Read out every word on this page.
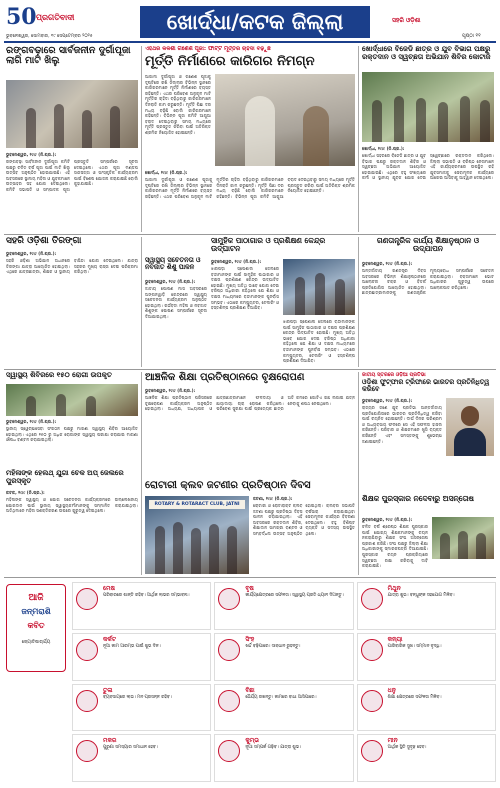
50 ପ୍ରଗତିବାଦୀ
ଭୁବନେଶ୍ୱର, ସୋମବାର, ୧୯ ସେପ୍ଟେମ୍ବର ୨୦୨୫
ଖୋର୍ଦ୍ଧା/କଟକ ଜିଲ୍ଲା	ସହରି ଓଡ଼ିଶା
ପୃଷ୍ଠା ୧୧
ରଙ୍ଗବଢ଼ାରେ ସାର୍ବଜନୀନ ଦୁର୍ଗାପୂଜା ଲାଗି ମାଟି ଖିଲୁ
ଭୁବନେଶ୍ୱର, ୨୯ା୯ (ନି.ପ୍ର.):
ରଙ୍ଗବଢ଼ା ସାର୍ବଜନୀନ ଦୁର୍ଗାପୂଜା କମିଟି ପକ୍ଷରୁ ଚଳିତ ବର୍ଷ ପୂଜା ପାଇଁ ମାଟି ଖିଲୁ ଉତ୍ସବ ଅନୁଷ୍ଠିତ ହୋଇଯାଇଛି। ଏହି ଅବସରରେ ସ୍ଥାନୀୟ ମହିଳା ଓ ଯୁବକମାନେ ଉତ୍ସାହର ସହ ଯୋଗ ଦେଇଥିଲେ। କମିଟି ସଭାପତି ଓ ସମ୍ପାଦକ ପୂଜା ପ୍ରସ୍ତୁତି ସମ୍ପର୍କରେ ସୂଚନା ଦେଇଥିଲେ। ଏଥର ପୂଜା ମଣ୍ଡପ ସାଜସଜ୍ଜା ଓ ସାଂସ୍କୃତିକ କାର୍ଯ୍ୟକ୍ରମ ପାଇଁ ବିଶେଷ ଯୋଜନା କରାଯାଇଛି ବୋଲି କୁହାଯାଇଛି।
ଏହିଥର କଳଶୀ ଗଣେଶ ପୂଜା: ଫାଟ୍ଟି ମୂର୍ତ୍ତିର ଚାହିଦା ବଢ଼ୁଛି
ମୂର୍ତ୍ତି ନିର୍ମାଣରେ କାରିଗର ନିମଗ୍ନ
ଆଗାମୀ ଦୁର୍ଗାପୂଜା ଓ ଗଣେଶ ପୂଜାକୁ ଦୃଷ୍ଟିରେ ରଖି ଜିଲ୍ଲାର ବିଭିନ୍ନ ସ୍ଥାନରେ କାରିଗରମାନେ ମୂର୍ତ୍ତି ନିର୍ମାଣରେ ବ୍ୟସ୍ତ ରହିଛନ୍ତି। ଏଥର ପରିବେଶ ଅନୁକୂଳ ମାଟି ମୂର୍ତ୍ତିର ଚାହିଦା ବଢ଼ିଥିବାରୁ କାରିଗରମାନେ ଦିନରାତି କାମ କରୁଛନ୍ତି। ମୂର୍ତ୍ତି ପିଛା ଦର ମଧ୍ୟ ବଢ଼ିଛି ବୋଲି କାରିଗରମାନେ କହିଛନ୍ତି। ବିଭିନ୍ନ ପୂଜା କମିଟି ଆଗୁଆ ବରାଦ ଦେଇଥିବାରୁ ସମୟ ମଧ୍ୟରେ ମୂର୍ତ୍ତି ପ୍ରସ୍ତୁତ କରିବା ପାଇଁ ଅତିରିକ୍ତ ଶ୍ରମିକ ନିୟୋଜିତ ହୋଇଛନ୍ତି।
ଖୋର୍ଦ୍ଧା, ୨୯ା୯ (ନି.ପ୍ର.):
ଆଗାମୀ ଦୁର୍ଗାପୂଜା ଓ ଗଣେଶ ପୂଜାକୁ ଦୃଷ୍ଟିରେ ରଖି ଜିଲ୍ଲାର ବିଭିନ୍ନ ସ୍ଥାନରେ କାରିଗରମାନେ ମୂର୍ତ୍ତି ନିର୍ମାଣରେ ବ୍ୟସ୍ତ ରହିଛନ୍ତି। ଏଥର ପରିବେଶ ଅନୁକୂଳ ମାଟି ମୂର୍ତ୍ତିର ଚାହିଦା ବଢ଼ିଥିବାରୁ କାରିଗରମାନେ ଦିନରାତି କାମ କରୁଛନ୍ତି। ମୂର୍ତ୍ତି ପିଛା ଦର ମଧ୍ୟ ବଢ଼ିଛି ବୋଲି କାରିଗରମାନେ କହିଛନ୍ତି। ବିଭିନ୍ନ ପୂଜା କମିଟି ଆଗୁଆ ବରାଦ ଦେଇଥିବାରୁ ସମୟ ମଧ୍ୟରେ ମୂର୍ତ୍ତି ପ୍ରସ୍ତୁତ କରିବା ପାଇଁ ଅତିରିକ୍ତ ଶ୍ରମିକ ନିୟୋଜିତ ହୋଇଛନ୍ତି।
ଖୋର୍ଦ୍ଧାରେ ବିଜେଡି ଛାତ୍ର ଓ ଯୁବ ବିଭାଗ ପକ୍ଷରୁ ରକ୍ତଦାନ ଓ ସ୍ୱଚ୍ଛତା ଅଭିଯାନ ଶିବିର କୋଟାଜି
ଖୋର୍ଦ୍ଧା, ୨୯ା୯ (ନି.ପ୍ର.):
ଖୋର୍ଦ୍ଧା ସହରରେ ବିଜେଡି ଛାତ୍ର ଓ ଯୁବ ବିଭାଗ ପକ୍ଷରୁ ରକ୍ତଦାନ ଶିବିର ଓ ସ୍ୱଚ୍ଛତା ଅଭିଯାନ ଆୟୋଜିତ ହୋଇଯାଇଛି। ଏଥିରେ ବହୁ ସଂଖ୍ୟାରେ କର୍ମୀ ଓ ସ୍ଥାନୀୟ ଯୁବକ ଯୋଗ ଦେଇ ସ୍ୱେଚ୍ଛାରେ ରକ୍ତଦାନ କରିଥିଲେ। ଜିଲ୍ଲା ସଭାପତି ଓ ବରିଷ୍ଠ ନେତାମାନେ ଏହି କାର୍ଯ୍ୟକ୍ରମରେ ଉପସ୍ଥିତ ରହି ଯୁବସମାଜକୁ ସେବାମୂଳକ କାର୍ଯ୍ୟରେ ଆଗେଇ ଆସିବାକୁ ଆହ୍ୱାନ ଦେଇଥିଲେ।
ସହରି ଓଡ଼ିଶା ତିରଙ୍ଗା
ଭୁବନେଶ୍ୱର, ୨୯ା୯ (ନି.ପ୍ର.):
ସହରି ଓଡ଼ିଶା ଅଭିଯାନ ଅଧୀନରେ ତିରଙ୍ଗା ଯାତ୍ରା ଆୟୋଜିତ ହୋଇଥିଲା। ଏଥିରେ ଛାତ୍ରଛାତ୍ରୀ, ଶିକ୍ଷକ ଓ ସ୍ଥାନୀୟ ବାସିନ୍ଦା ଯୋଗ ଦେଇଥିଲେ। ଯାତ୍ରା ସହରର ମୁଖ୍ୟ ରାସ୍ତା ଦେଇ ପରିକ୍ରମା କରିଥିଲା।
ସ୍ୱାସ୍ଥ୍ୟ ସଚେତନତା ଓ ନବଜାତ ଶିଶୁ ପାଳନ
ଭୁବନେଶ୍ୱର, ୨୯ା୯ (ନି.ପ୍ର.):
ଜାତୀୟ ପୋଷଣ ମାସ ଅବସରରେ ଅଙ୍ଗନୱାଡ଼ି କେନ୍ଦ୍ରରେ ସ୍ୱାସ୍ଥ୍ୟ ସଚେତନତା କାର୍ଯ୍ୟକ୍ରମ ଅନୁଷ୍ଠିତ ହୋଇଥିଲା। ଗର୍ଭବତୀ ମହିଳା ଓ ନବଜାତ ଶିଶୁଙ୍କ ପୋଷଣ ସମ୍ପର୍କରେ ସୂଚନା ଦିଆଯାଇଥିଲା।
ସାମୁହିକ ପାଠାଗାର ଓ ପ୍ରଶିକ୍ଷଣ କେନ୍ଦ୍ର ଉଦ୍‌ଘାଟନ
ଭୁବନେଶ୍ୱର, ୨୯ା୯ (ନି.ପ୍ର.):
ଝାରପଡ଼ା ସ୍ପେଶାଲ ଜେଲରେ ବନ୍ଦୀମାନଙ୍କ ପାଇଁ ସାମୁହିକ ପାଠାଗାର ଓ ଦକ୍ଷତା ପ୍ରଶିକ୍ଷଣ କେନ୍ଦ୍ର ଉଦ୍‌ଘାଟିତ ହୋଇଛି। ମୁଖ୍ୟ ଅତିଥି ଭାବେ ଯୋଗ ଦେଇ ବରିଷ୍ଠ ଅଧିକାରୀ କହିଥିଲେ ଯେ ଶିକ୍ଷା ଓ ଦକ୍ଷତା ମାଧ୍ୟମରେ ବନ୍ଦୀମାନଙ୍କ ପୁନର୍ବାସ ସମ୍ଭବ। ଏଠାରେ କମ୍ପ୍ୟୁଟର, ଟେଲରିଂ ଓ ହସ୍ତଶିଳ୍ପ ପ୍ରଶିକ୍ଷଣ ଦିଆଯିବ।
ଝାରପଡ଼ା ସ୍ପେଶାଲ ଜେଲରେ ବନ୍ଦୀମାନଙ୍କ ପାଇଁ ସାମୁହିକ ପାଠାଗାର ଓ ଦକ୍ଷତା ପ୍ରଶିକ୍ଷଣ କେନ୍ଦ୍ର ଉଦ୍‌ଘାଟିତ ହୋଇଛି। ମୁଖ୍ୟ ଅତିଥି ଭାବେ ଯୋଗ ଦେଇ ବରିଷ୍ଠ ଅଧିକାରୀ କହିଥିଲେ ଯେ ଶିକ୍ଷା ଓ ଦକ୍ଷତା ମାଧ୍ୟମରେ ବନ୍ଦୀମାନଙ୍କ ପୁନର୍ବାସ ସମ୍ଭବ। ଏଠାରେ କମ୍ପ୍ୟୁଟର, ଟେଲରିଂ ଓ ହସ୍ତଶିଳ୍ପ ପ୍ରଶିକ୍ଷଣ ଦିଆଯିବ।
ଗଣତାନ୍ତ୍ରିକ କାର୍ଯ୍ୟ ଶିକ୍ଷାନୁଷ୍ଠାନ ଓ ଉଦ୍‌ଯାପନ
ଭୁବନେଶ୍ୱର, ୨୯ା୯ (ନି.ପ୍ର.):
ଅନ୍ତର୍ଜାତୀୟ ଗଣତନ୍ତ୍ର ଦିବସ ଅବସରରେ ବିଭିନ୍ନ ଶିକ୍ଷାନୁଷ୍ଠାନରେ ଆଲୋଚନା ଚକ୍ର ଓ ବିତର୍କ ପ୍ରତିଯୋଗିତା ଆୟୋଜିତ ହୋଇଥିଲା। ଛାତ୍ରଛାତ୍ରୀମାନଙ୍କୁ ଗଣତାନ୍ତ୍ରିକ ମୂଲ୍ୟବୋଧ ସମ୍ପର୍କରେ ସଚେତନ କରାଯାଇଥିଲା। ବକ୍ତାମାନେ ଭୋଟ ଅଧିକାରର ଗୁରୁତ୍ୱ ଉପରେ ଆଲୋକପାତ କରିଥିଲେ।
ସ୍ୱାସ୍ଥ୍ୟ ଶିବିରରେ ୧୫୦ ରୋଗୀ ଉପକୃତ
ଭୁବନେଶ୍ୱର, ୨୯ା୯ (ନି.ପ୍ର.):
ସ୍ଥାନୀୟ ସ୍ୱେଚ୍ଛାସେବୀ ସଂଗଠନ ପକ୍ଷରୁ ମାଗଣା ସ୍ୱାସ୍ଥ୍ୟ ଶିବିର ଆୟୋଜିତ ହୋଇଥିଲା। ଏଥିରେ ୧୫୦ ରୁ ଅଧିକ ରୋଗୀଙ୍କ ସ୍ୱାସ୍ଥ୍ୟ ପରୀକ୍ଷା କରାଯାଇ ମାଗଣା ଔଷଧ ବଣ୍ଟନ କରାଯାଇଥିଲା।
ମହିଳାଙ୍କ ହେଲଥ୍ ଯୁଗା ଚେକ ଅପ୍ ଜେଲରେ ପୁରସ୍କୃତ
କଟକ, ୨୯ା୯ (ନି.ପ୍ର.):
ମହିଳାଙ୍କ ସ୍ୱାସ୍ଥ୍ୟ ଓ ଯୋଗ ସଚେତନତା କାର୍ଯ୍ୟକ୍ରମରେ ଉଲ୍ଲେଖନୀୟ ଯୋଗଦାନ ପାଇଁ ସ୍ଥାନୀୟ ସ୍ୱାସ୍ଥ୍ୟକର୍ମୀମାନଙ୍କୁ ସମ୍ମାନିତ କରାଯାଇଥିଲା। ଅତିଥିମାନେ ମହିଳା ସଶକ୍ତିକରଣ ଉପରେ ଗୁରୁତ୍ୱ ଦେଇଥିଲେ।
ଆଞ୍ଚଳିକ ଶିକ୍ଷା ପ୍ରତିଷ୍ଠାନରେ ବୃକ୍ଷରୋପଣ
ଭୁବନେଶ୍ୱର, ୨୯ା୯ (ନି.ପ୍ର.):
ଆଞ୍ଚଳିକ ଶିକ୍ଷା ପ୍ରତିଷ୍ଠାନ ପରିସରରେ ବୃକ୍ଷରୋପଣ କାର୍ଯ୍ୟକ୍ରମ ଅନୁଷ୍ଠିତ ହୋଇଥିଲା। ଅଧ୍ୟକ୍ଷ, ଅଧ୍ୟାପକ ଓ ଛାତ୍ରଛାତ୍ରୀମାନେ ଫଳଦାୟୀ ଓ ଛାୟାଦାୟୀ ଚାରା ରୋପଣ କରିଥିଲେ। ପରିବେଶ ସୁରକ୍ଷା ପାଇଁ ପ୍ରତ୍ୟେକ ଛାତ୍ର ଅତି କମରେ ଗୋଟିଏ ଗଛ ଲଗାଇ ଯତ୍ନ ନେବାକୁ ଶପଥ ନେଇଥିଲେ।
ରୋଟାରୀ କ୍ଲବ ଜଟଣୀର ପ୍ରତିଷ୍ଠାନ ଦିବସ
ROTARY & ROTARACT CLUB, JATNI
ଜଟଣୀ, ୨୯ା୯ (ନି.ପ୍ର.):
ରୋଟାରୀ ଓ ରୋଟାରାକ୍ଟ କ୍ଲବ ଜଟଣୀ ପକ୍ଷରୁ ପ୍ରତିଷ୍ଠା ଦିବସ ପାଳନ କରାଯାଇଥିଲା। ଏହି ଅବସରରେ ରକ୍ତଦାନ ଶିବିର, ଶିକ୍ଷାଦାନ ସାମଗ୍ରୀ ବଣ୍ଟନ ଓ ସମ୍ବର୍ଦ୍ଧନା ଉତ୍ସବ ଅନୁଷ୍ଠିତ ହୋଇଥିଲା। କ୍ଲବର ସଭାପତି ବର୍ଷସାରା କରାଯାଇଥିବା ସେବାମୂଳକ କାର୍ଯ୍ୟର ବିବରଣୀ ଦେଇଥିଲେ। ବହୁ ବିଶିଷ୍ଟ ବ୍ୟକ୍ତି ଓ ସଦସ୍ୟ ଉପସ୍ଥିତ ଥିଲେ।
ଜାତୀୟ ସ୍ତରରେ ଓଡ଼ିଆ ପ୍ରତିଭା
ଓଡ଼ିଶା ଫୁଟ୍‌ଫାର ଟ୍ରିଫାରେ ଭାରତର ପ୍ରତିନିଧିତ୍ୱ କରିବେ
ଭୁବନେଶ୍ୱର, ୨୯ା୯ (ନି.ପ୍ର.):
ରାଜ୍ୟର ଜଣେ ଯୁବ ପ୍ରତିଭା ଆନ୍ତର୍ଜାତୀୟ ପ୍ରତିଯୋଗିତାରେ ଭାରତର ପ୍ରତିନିଧିତ୍ୱ କରିବା ପାଇଁ ଚୟନିତ ହୋଇଛନ୍ତି। ଦୀର୍ଘ ଦିନର ପରିଶ୍ରମ ଓ ଅଧ୍ୟବସାୟ ଫଳରେ ସେ ଏହି ସଫଳତା ହାସଲ କରିଛନ୍ତି। ପରିବାର ଓ ଶିକ୍ଷକମାନେ ଖୁସି ବ୍ୟକ୍ତ କରିଛନ୍ତି ଏବଂ ସମସ୍ତଙ୍କୁ ଶୁଭେଚ୍ଛା ଜଣାଇଛନ୍ତି।
ଶିକ୍ଷକ ପୁରସ୍କାର ନଦେବାରୁ ଅସନ୍ତୋଷ
ଭୁବନେଶ୍ୱର, ୨୯ା୯ (ନି.ପ୍ର.):
ଚଳିତ ବର୍ଷ ଶ୍ରେଷ୍ଠ ଶିକ୍ଷକ ପୁରସ୍କାର ପାଇଁ ଯୋଗ୍ୟ ଶିକ୍ଷକମାନଙ୍କୁ ଚୟନ ନକରାଯିବାରୁ ଶିକ୍ଷକ ସଂଘ ଅସନ୍ତୋଷ ପ୍ରକାଶ କରିଛି। ସଂଘ ପକ୍ଷରୁ ଜିଲ୍ଲା ଶିକ୍ଷା ଅଧିକାରୀଙ୍କୁ ସ୍ମାରକପତ୍ର ଦିଆଯାଇଛି। ପୁରସ୍କାର ଚୟନ ପ୍ରକ୍ରିୟାରେ ସ୍ୱଚ୍ଛତା ରକ୍ଷା କରିବାକୁ ଦାବି କରାଯାଇଛି।
ଆଜି
ଜନ୍ମରାଶି
କବିତ
ଜ୍ୟୋତିଷାଚାର୍ଯ୍ୟ
ମେଷ
ପରିବାରରେ ଶାନ୍ତି ରହିବ। ଆର୍ଥିକ ଲାଭର ସମ୍ଭାବନା।
ବୃଷ
କାର୍ଯ୍ୟକ୍ଷେତ୍ରରେ ସଫଳତା। ସ୍ୱାସ୍ଥ୍ୟ ପ୍ରତି ଧ୍ୟାନ ଦିଅନ୍ତୁ।
ମିଥୁନ
ଯାତ୍ରା ଶୁଭ। ବନ୍ଧୁଙ୍କ ସହଯୋଗ ମିଳିବ।
କର୍କଟ
ନୂଆ କାମ ଆରମ୍ଭ ପାଇଁ ଶୁଭ ଦିନ।
ସିଂହ
ଖର୍ଚ୍ଚ ବଢ଼ିପାରେ। ସାବଧାନ ରୁହନ୍ତୁ।
କନ୍ୟା
ପାରିବାରିକ ସୁଖ। ସମ୍ମାନ ବୃଦ୍ଧି।
ତୁଳା
ବ୍ୟବସାୟରେ ଲାଭ। ମନ ପ୍ରସନ୍ନ ରହିବ।
ବିଛା
ଧୈର୍ଯ୍ୟ ରଖନ୍ତୁ। କାମରେ ବାଧା ଆସିପାରେ।
ଧନୁ
ଶିକ୍ଷା କ୍ଷେତ୍ରରେ ସଫଳତା ମିଳିବ।
ମକର
ପୁରୁଣା ସମସ୍ୟାର ସମାଧାନ ହେବ।
କୁମ୍ଭ
ନୂଆ ସମ୍ପର୍କ ଗଢ଼ିବ। ଯାତ୍ରା ଶୁଭ।
ମୀନ
ଆର୍ଥିକ ସ୍ଥିତି ସୁଦୃଢ଼ ହେବ।
